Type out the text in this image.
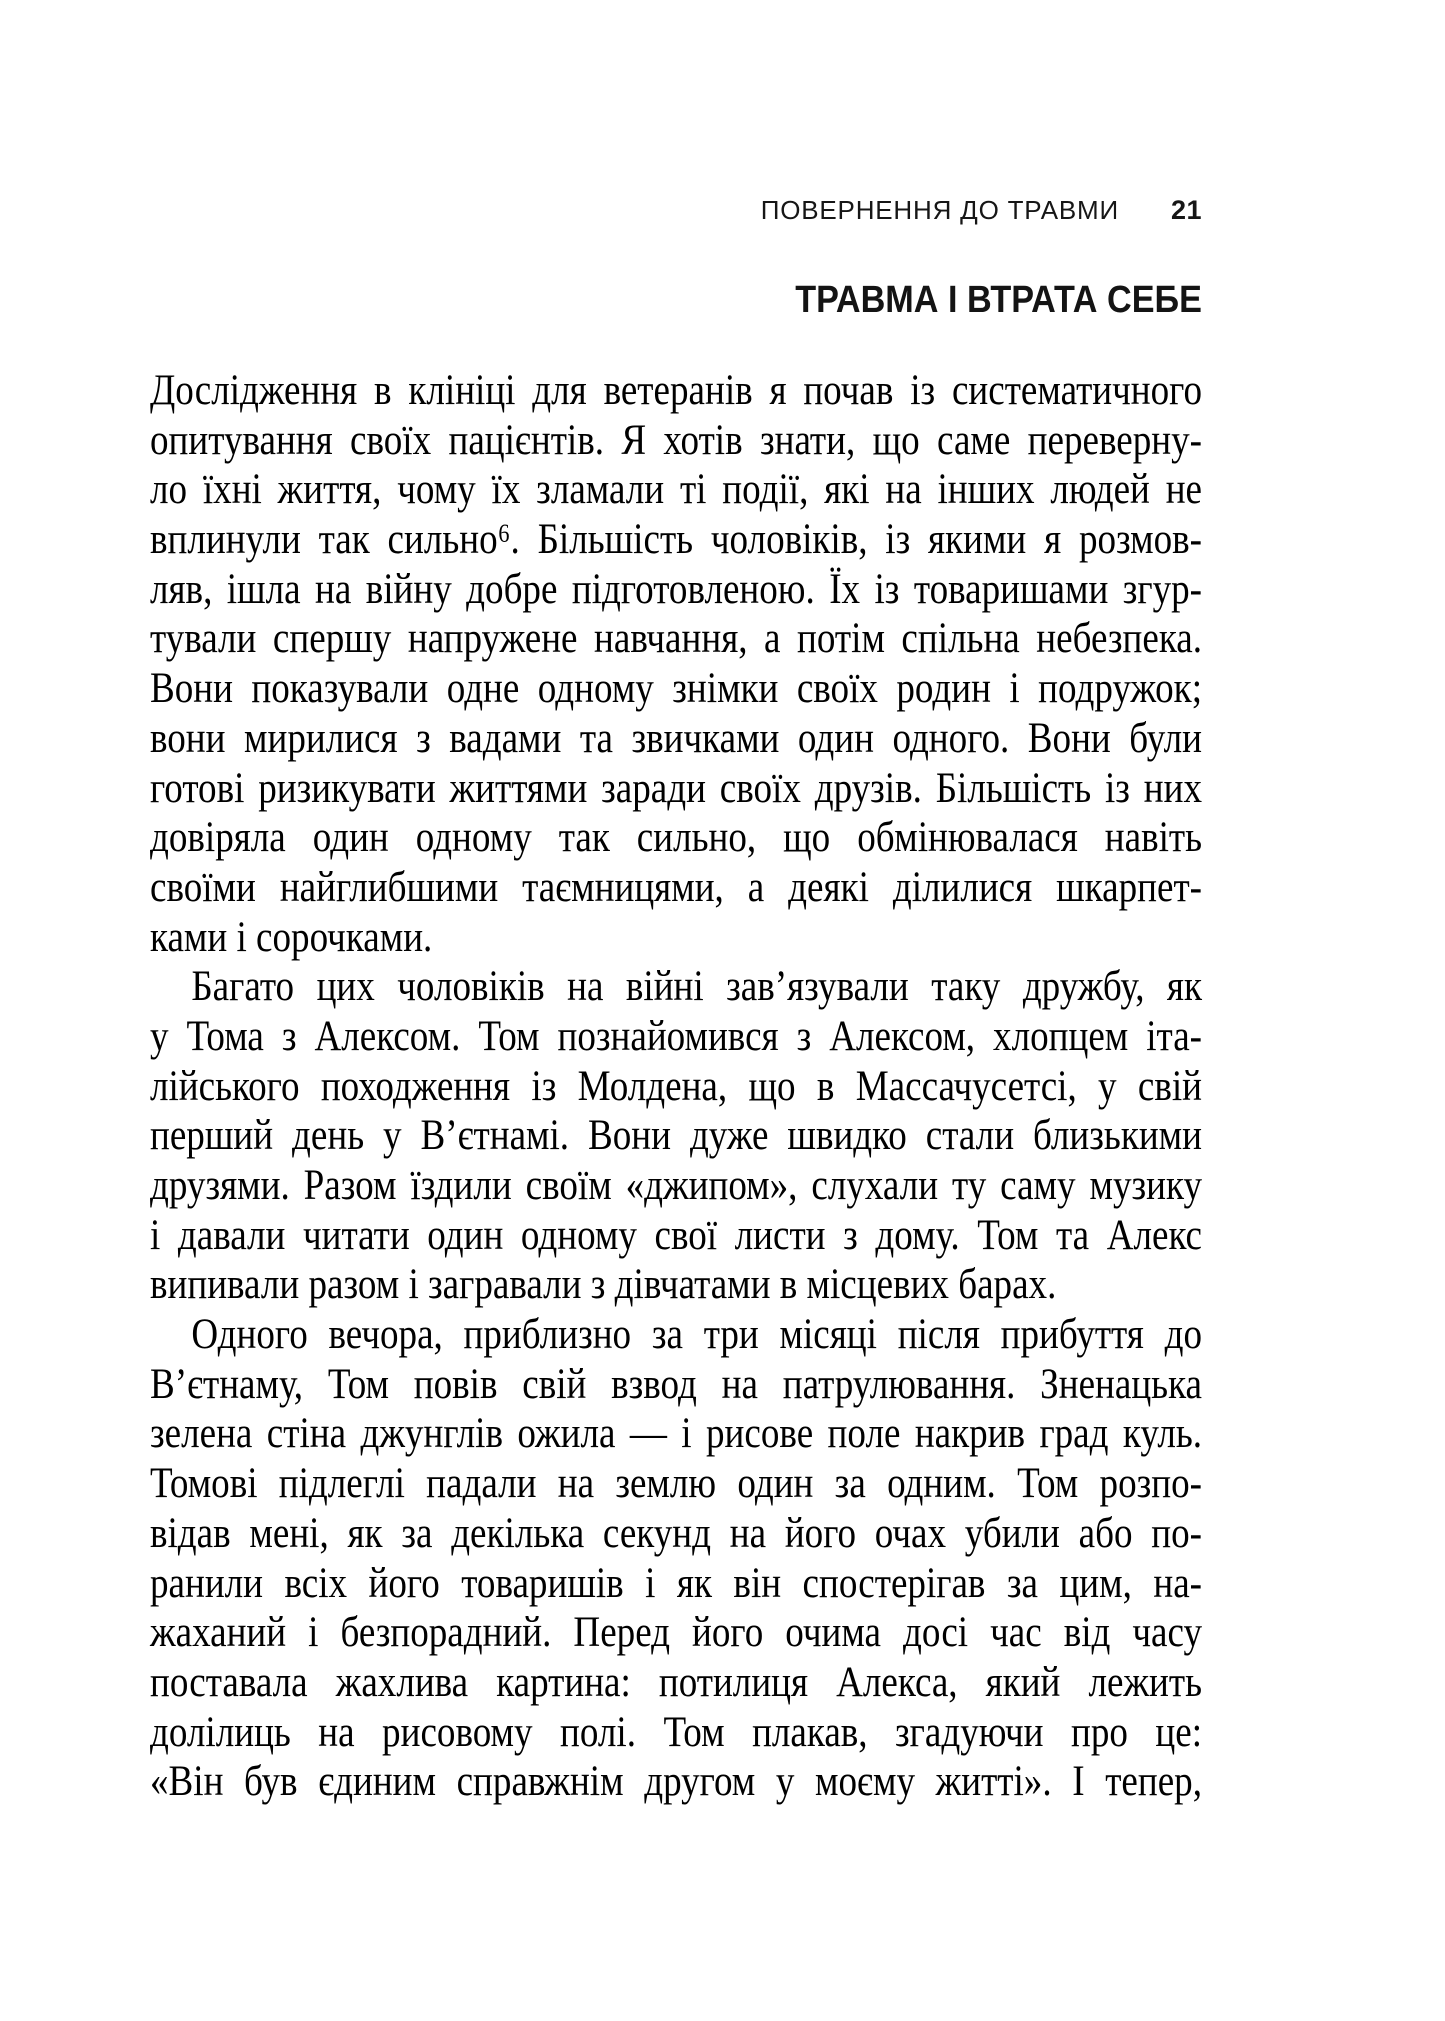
ПОВЕРНЕННЯ ДО ТРАВМИ 21
ТРАВМА І ВТРАТА СЕБЕ
Дослідження в клініці для ветеранів я почав із систематичного
опитування своїх пацієнтів. Я хотів знати, що саме переверну-
ло їхні життя, чому їх зламали ті події, які на інших людей не
вплинули так сильно⁶. Більшість чоловіків, із якими я розмов-
ляв, ішла на війну добре підготовленою. Їх із товаришами згур-
тували спершу напружене навчання, а потім спільна небезпека.
Вони показували одне одному знімки своїх родин і подружок;
вони мирилися з вадами та звичками один одного. Вони були
готові ризикувати життями заради своїх друзів. Більшість із них
довіряла один одному так сильно, що обмінювалася навіть
своїми найглибшими таємницями, а деякі ділилися шкарпет-
ками і сорочками.
Багато цих чоловіків на війні зав’язували таку дружбу, як
у Тома з Алексом. Том познайомився з Алексом, хлопцем іта-
лійського походження із Молдена, що в Массачусетсі, у свій
перший день у В’єтнамі. Вони дуже швидко стали близькими
друзями. Разом їздили своїм «джипом», слухали ту саму музику
і давали читати один одному свої листи з дому. Том та Алекс
випивали разом і загравали з дівчатами в місцевих барах.
Одного вечора, приблизно за три місяці після прибуття до
В’єтнаму, Том повів свій взвод на патрулювання. Зненацька
зелена стіна джунглів ожила — і рисове поле накрив град куль.
Томові підлеглі падали на землю один за одним. Том розпо-
відав мені, як за декілька секунд на його очах убили або по-
ранили всіх його товаришів і як він спостерігав за цим, на-
жаханий і безпорадний. Перед його очима досі час від часу
поставала жахлива картина: потилиця Алекса, який лежить
долілиць на рисовому полі. Том плакав, згадуючи про це:
«Він був єдиним справжнім другом у моєму житті». І тепер,
